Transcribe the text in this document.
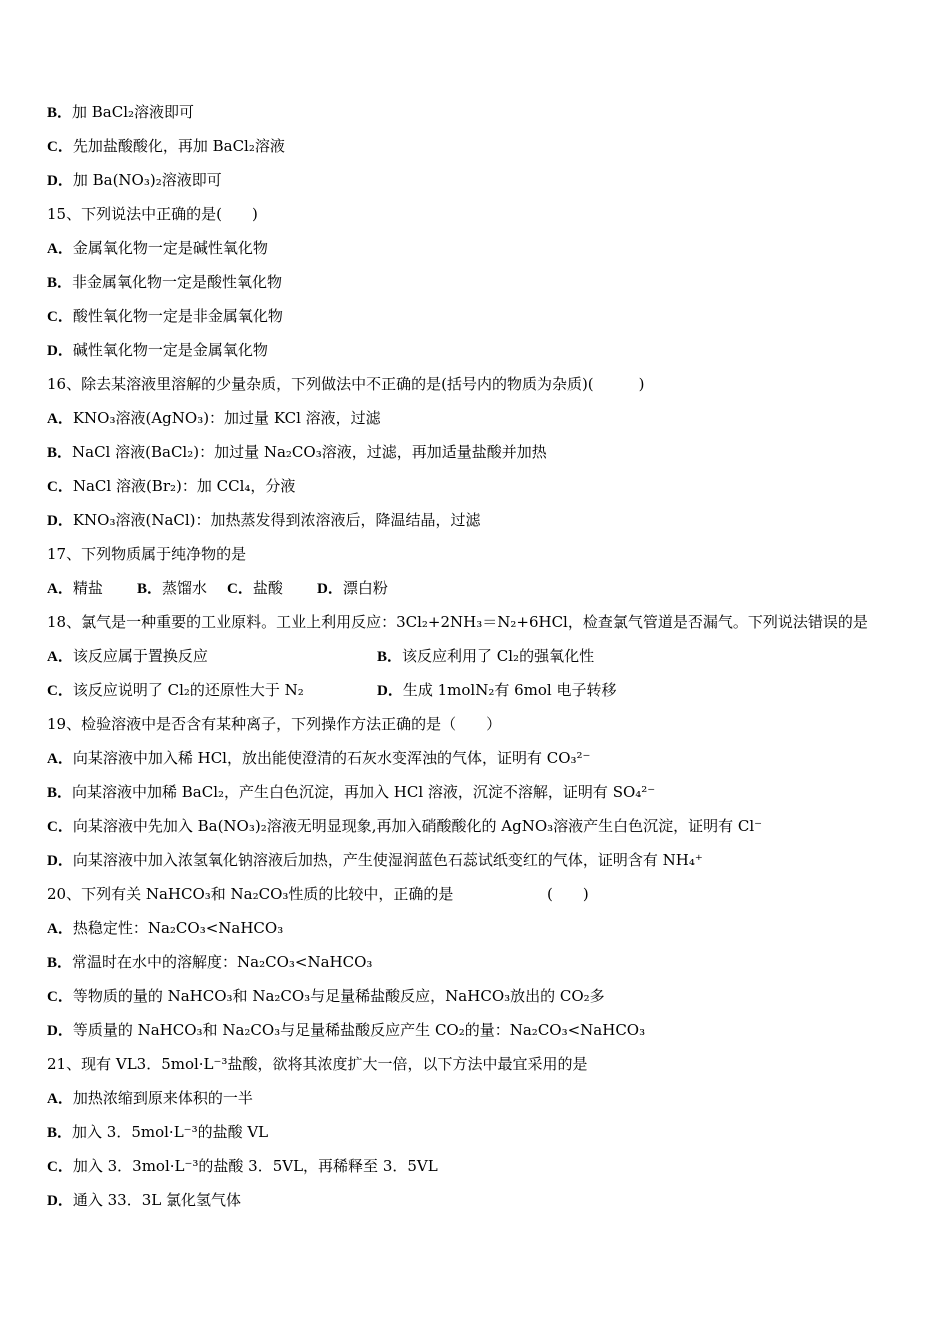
B．加 BaCl₂溶液即可
C．先加盐酸酸化，再加 BaCl₂溶液
D．加 Ba(NO₃)₂溶液即可
15、下列说法中正确的是(　　)
A．金属氧化物一定是碱性氧化物
B．非金属氧化物一定是酸性氧化物
C．酸性氧化物一定是非金属氧化物
D．碱性氧化物一定是金属氧化物
16、除去某溶液里溶解的少量杂质，下列做法中不正确的是(括号内的物质为杂质)(　　　)
A．KNO₃溶液(AgNO₃)：加过量 KCl 溶液，过滤
B．NaCl 溶液(BaCl₂)：加过量 Na₂CO₃溶液，过滤，再加适量盐酸并加热
C．NaCl 溶液(Br₂)：加 CCl₄，分液
D．KNO₃溶液(NaCl)：加热蒸发得到浓溶液后，降温结晶，过滤
17、下列物质属于纯净物的是
A．精盐　 B．蒸馏水　 C．盐酸　 D．漂白粉
18、氯气是一种重要的工业原料。工业上利用反应：3Cl₂+2NH₃＝N₂+6HCl，检查氯气管道是否漏气。下列说法错误的是
A．该反应属于置换反应	B．该反应利用了 Cl₂的强氧化性
C．该反应说明了 Cl₂的还原性大于 N₂	D．生成 1molN₂有 6mol 电子转移
19、检验溶液中是否含有某种离子，下列操作方法正确的是（　　）
A．向某溶液中加入稀 HCl，放出能使澄清的石灰水变浑浊的气体，证明有 CO₃²⁻
B．向某溶液中加稀 BaCl₂，产生白色沉淀，再加入 HCl 溶液，沉淀不溶解，证明有 SO₄²⁻
C．向某溶液中先加入 Ba(NO₃)₂溶液无明显现象,再加入硝酸酸化的 AgNO₃溶液产生白色沉淀，证明有 Cl⁻
D．向某溶液中加入浓氢氧化钠溶液后加热，产生使湿润蓝色石蕊试纸变红的气体，证明含有 NH₄⁺
20、下列有关 NaHCO₃和 Na₂CO₃性质的比较中，正确的是	(　　)
A．热稳定性：Na₂CO₃<NaHCO₃
B．常温时在水中的溶解度：Na₂CO₃<NaHCO₃
C．等物质的量的 NaHCO₃和 Na₂CO₃与足量稀盐酸反应，NaHCO₃放出的 CO₂多
D．等质量的 NaHCO₃和 Na₂CO₃与足量稀盐酸反应产生 CO₂的量：Na₂CO₃<NaHCO₃
21、现有 VL3．5mol·L⁻³盐酸，欲将其浓度扩大一倍，以下方法中最宜采用的是
A．加热浓缩到原来体积的一半
B．加入 3．5mol·L⁻³的盐酸 VL
C．加入 3．3mol·L⁻³的盐酸 3．5VL，再稀释至 3．5VL
D．通入 33．3L 氯化氢气体
